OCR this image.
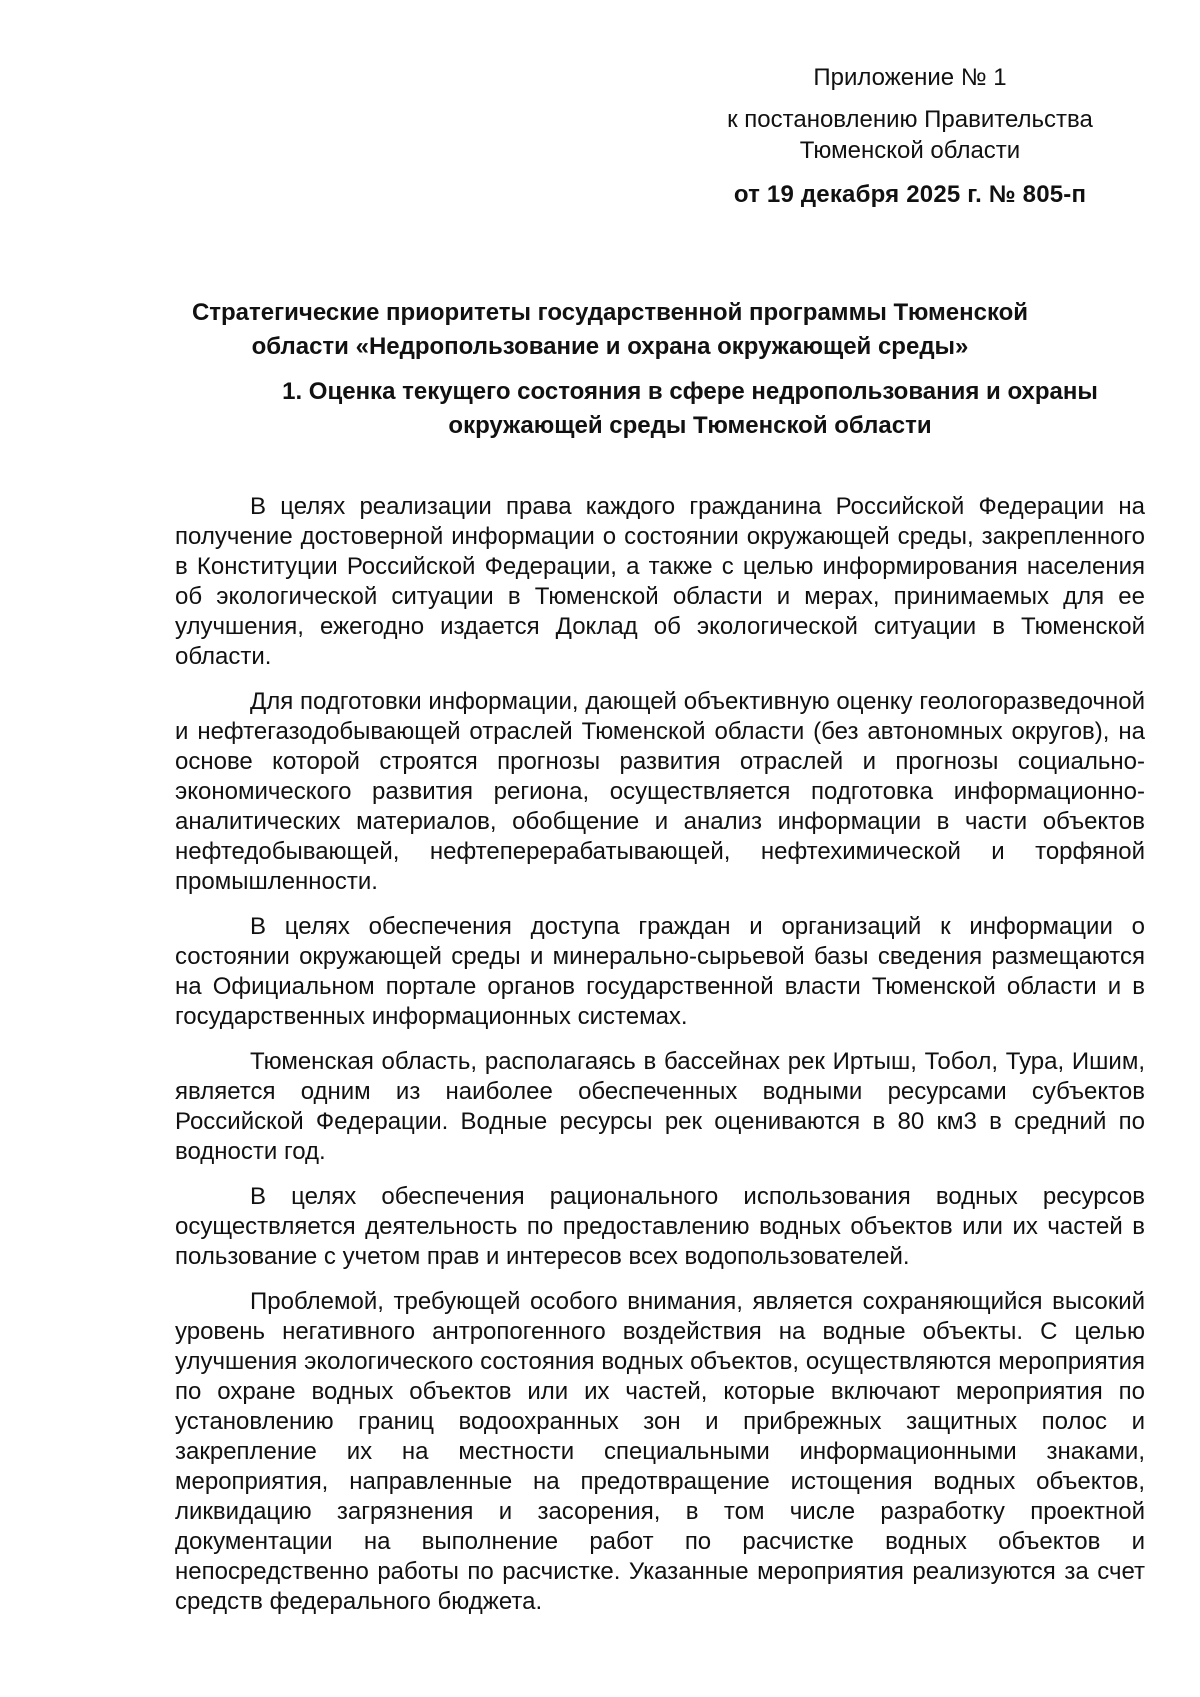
Приложение № 1
к постановлению Правительства Тюменской области
от 19 декабря 2025 г. № 805-п
Стратегические приоритеты государственной программы Тюменской области «Недропользование и охрана окружающей среды»
1. Оценка текущего состояния в сфере недропользования и охраны окружающей среды Тюменской области

В целях реализации права каждого гражданина Российской Федерации на получение достоверной информации о состоянии окружающей среды, закрепленного в Конституции Российской Федерации, а также с целью информирования населения об экологической ситуации в Тюменской области и мерах, принимаемых для ее улучшения, ежегодно издается Доклад об экологической ситуации в Тюменской области.

Для подготовки информации, дающей объективную оценку геологоразведочной и нефтегазодобывающей отраслей Тюменской области (без автономных округов), на основе которой строятся прогнозы развития отраслей и прогнозы социально-экономического развития региона, осуществляется подготовка информационно-аналитических материалов, обобщение и анализ информации в части объектов нефтедобывающей, нефтеперерабатывающей, нефтехимической и торфяной промышленности.

В целях обеспечения доступа граждан и организаций к информации о состоянии окружающей среды и минерально-сырьевой базы сведения размещаются на Официальном портале органов государственной власти Тюменской области и в государственных информационных системах.

Тюменская область, располагаясь в бассейнах рек Иртыш, Тобол, Тура, Ишим, является одним из наиболее обеспеченных водными ресурсами субъектов Российской Федерации. Водные ресурсы рек оцениваются в 80 км3 в средний по водности год.

В целях обеспечения рационального использования водных ресурсов осуществляется деятельность по предоставлению водных объектов или их частей в пользование с учетом прав и интересов всех водопользователей.

Проблемой, требующей особого внимания, является сохраняющийся высокий уровень негативного антропогенного воздействия на водные объекты. С целью улучшения экологического состояния водных объектов, осуществляются мероприятия по охране водных объектов или их частей, которые включают мероприятия по установлению границ водоохранных зон и прибрежных защитных полос и закрепление их на местности специальными информационными знаками, мероприятия, направленные на предотвращение истощения водных объектов, ликвидацию загрязнения и засорения, в том числе разработку проектной документации на выполнение работ по расчистке водных объектов и непосредственно работы по расчистке. Указанные мероприятия реализуются за счет средств федерального бюджета.
